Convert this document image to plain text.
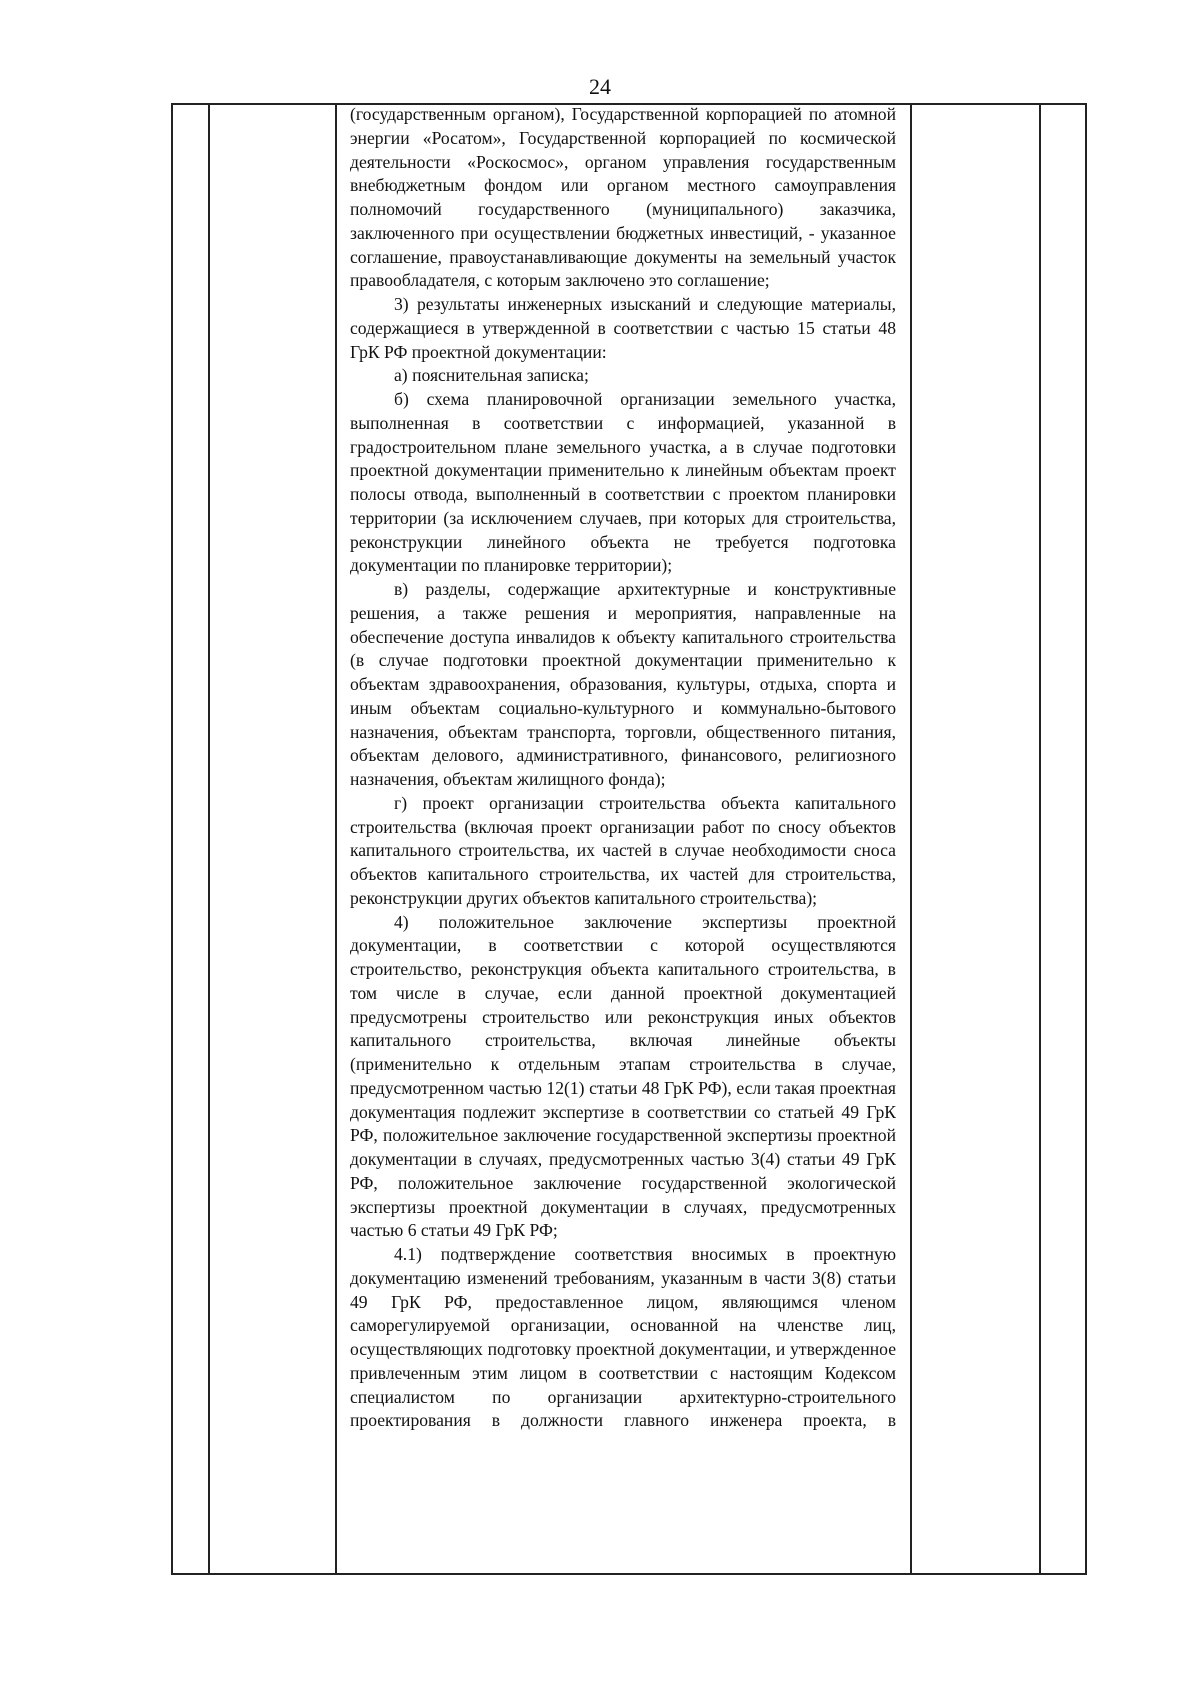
24

(государственным органом), Государственной корпорацией по атомной энергии «Росатом», Государственной корпорацией по космической деятельности «Роскосмос», органом управления государственным внебюджетным фондом или органом местного самоуправления полномочий государственного (муниципального) заказчика, заключенного при осуществлении бюджетных инвестиций, - указанное соглашение, правоустанавливающие документы на земельный участок правообладателя, с которым заключено это соглашение;

3) результаты инженерных изысканий и следующие материалы, содержащиеся в утвержденной в соответствии с частью 15 статьи 48 ГрК РФ проектной документации:

а) пояснительная записка;

б) схема планировочной организации земельного участка, выполненная в соответствии с информацией, указанной в градостроительном плане земельного участка, а в случае подготовки проектной документации применительно к линейным объектам проект полосы отвода, выполненный в соответствии с проектом планировки территории (за исключением случаев, при которых для строительства, реконструкции линейного объекта не требуется подготовка документации по планировке территории);

в) разделы, содержащие архитектурные и конструктивные решения, а также решения и мероприятия, направленные на обеспечение доступа инвалидов к объекту капитального строительства (в случае подготовки проектной документации применительно к объектам здравоохранения, образования, культуры, отдыха, спорта и иным объектам социально-культурного и коммунально-бытового назначения, объектам транспорта, торговли, общественного питания, объектам делового, административного, финансового, религиозного назначения, объектам жилищного фонда);

г) проект организации строительства объекта капитального строительства (включая проект организации работ по сносу объектов капитального строительства, их частей в случае необходимости сноса объектов капитального строительства, их частей для строительства, реконструкции других объектов капитального строительства);

4) положительное заключение экспертизы проектной документации, в соответствии с которой осуществляются строительство, реконструкция объекта капитального строительства, в том числе в случае, если данной проектной документацией предусмотрены строительство или реконструкция иных объектов капитального строительства, включая линейные объекты (применительно к отдельным этапам строительства в случае, предусмотренном частью 12(1) статьи 48 ГрК РФ), если такая проектная документация подлежит экспертизе в соответствии со статьей 49 ГрК РФ, положительное заключение государственной экспертизы проектной документации в случаях, предусмотренных частью 3(4) статьи 49 ГрК РФ, положительное заключение государственной экологической экспертизы проектной документации в случаях, предусмотренных частью 6 статьи 49 ГрК РФ;

4.1) подтверждение соответствия вносимых в проектную документацию изменений требованиям, указанным в части 3(8) статьи 49 ГрК РФ, предоставленное лицом, являющимся членом саморегулируемой организации, основанной на членстве лиц, осуществляющих подготовку проектной документации, и утвержденное привлеченным этим лицом в соответствии с настоящим Кодексом специалистом по организации архитектурно-строительного проектирования в должности главного инженера проекта, в
